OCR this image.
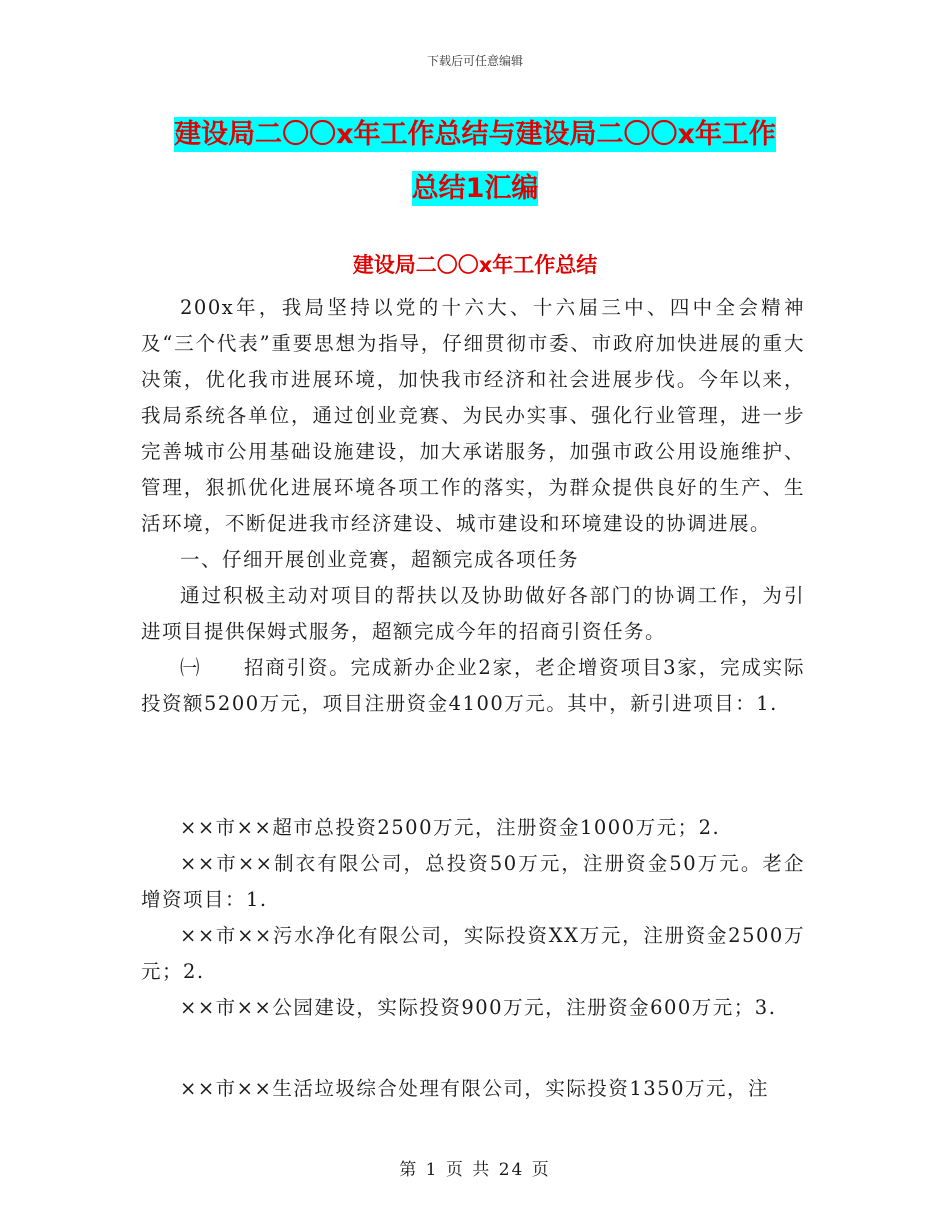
下载后可任意编辑
建设局二〇〇x年工作总结与建设局二〇〇x年工作
总结1汇编
建设局二〇〇x年工作总结

200x年，我局坚持以党的十六大、十六届三中、四中全会精神及“三个代表”重要思想为指导，仔细贯彻市委、市政府加快进展的重大决策，优化我市进展环境，加快我市经济和社会进展步伐。今年以来，我局系统各单位，通过创业竞赛、为民办实事、强化行业管理，进一步完善城市公用基础设施建设，加大承诺服务，加强市政公用设施维护、管理，狠抓优化进展环境各项工作的落实，为群众提供良好的生产、生活环境，不断促进我市经济建设、城市建设和环境建设的协调进展。

一、仔细开展创业竞赛，超额完成各项任务

通过积极主动对项目的帮扶以及协助做好各部门的协调工作，为引进项目提供保姆式服务，超额完成今年的招商引资任务。

㈠　　招商引资。完成新办企业2家，老企增资项目3家，完成实际投资额5200万元，项目注册资金4100万元。其中，新引进项目：1.

××市××超市总投资2500万元，注册资金1000万元；2.

××市××制衣有限公司，总投资50万元，注册资金50万元。老企增资项目：1.

××市××污水净化有限公司，实际投资XX万元，注册资金2500万元；2.

××市××公园建设，实际投资900万元，注册资金600万元；3.

××市××生活垃圾综合处理有限公司，实际投资1350万元，注

第 1 页 共 24 页
